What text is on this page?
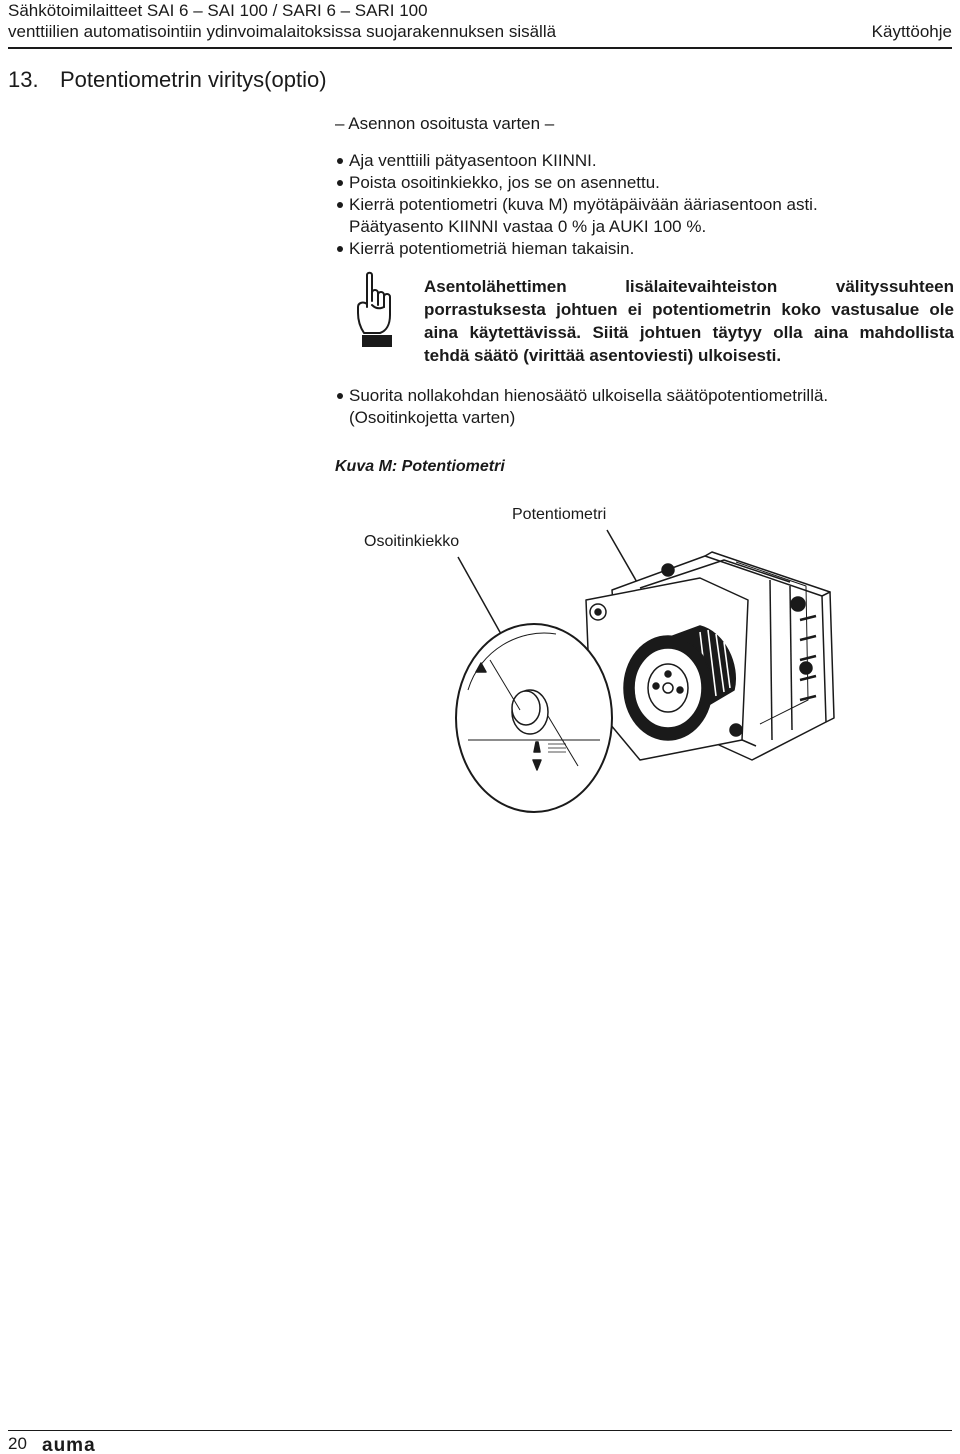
Sähkötoimilaitteet SAI 6 – SAI 100 / SARI 6 – SARI 100
venttiilien automatisointiin ydinvoimalaitoksissa suojarakennuksen sisällä	Käyttöohje
13. Potentiometrin viritys(optio)
– Asennon osoitusta varten –
Aja venttiili pätyasentoon KIINNI.
Poista osoitinkiekko, jos se on asennettu.
Kierrä potentiometri (kuva M) myötäpäivään ääriasentoon asti.
Päätyasento KIINNI vastaa 0 % ja AUKI 100 %.
Kierrä potentiometriä hieman takaisin.
Asentolähettimen lisälaitevaihteiston välityssuhteen porrastuksesta johtuen ei potentiometrin koko vastusalue ole aina käytettävissä. Siitä johtuen täytyy olla aina mahdollista tehdä säätö (virittää asentoviesti) ulkoisesti.
Suorita nollakohdan hienosäätö ulkoisella säätöpotentiometrillä.
(Osoitinkojetta varten)
Kuva M: Potentiometri
Osoitinkiekko
Potentiometri
20 auma
